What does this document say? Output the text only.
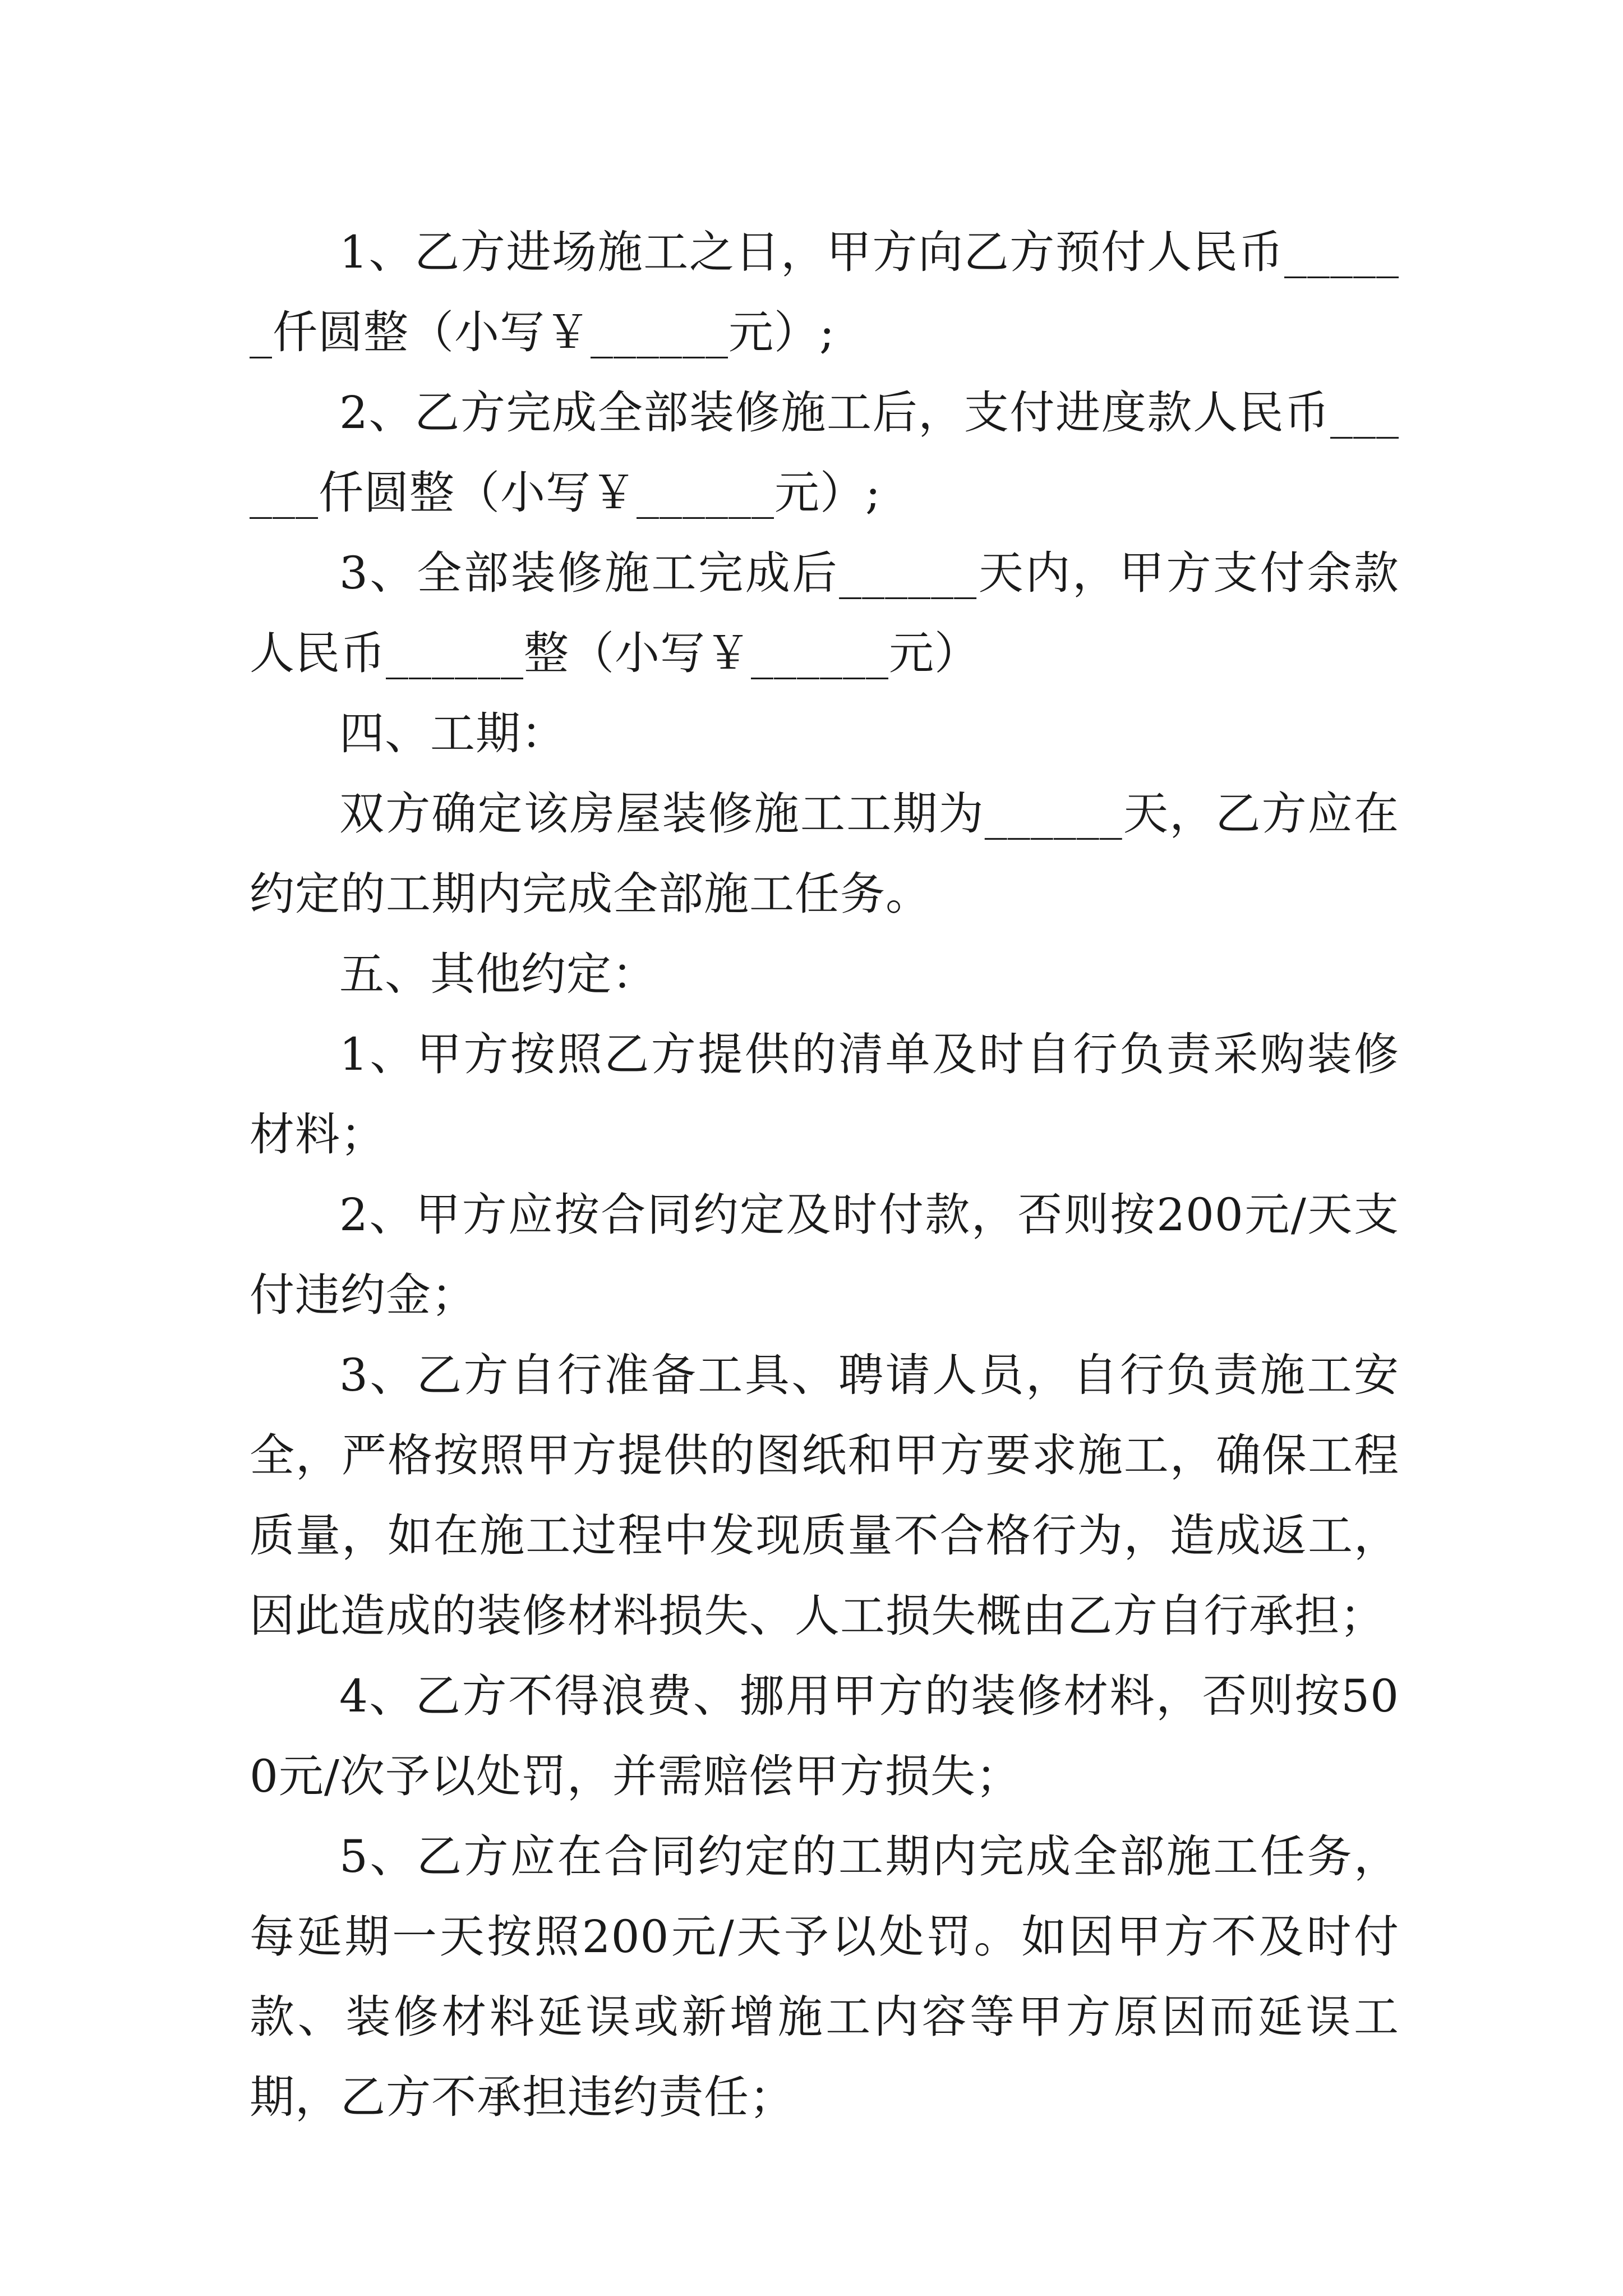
1、乙方进场施工之日，甲方向乙方预付人民币______仟圆整（小写￥______元）;

2、乙方完成全部装修施工后，支付进度款人民币______仟圆整（小写￥______元）;

3、全部装修施工完成后______天内，甲方支付余款人民币______整（小写￥______元）

四、工期：

双方确定该房屋装修施工工期为______天，乙方应在约定的工期内完成全部施工任务。

五、其他约定：

1、甲方按照乙方提供的清单及时自行负责采购装修材料；

2、甲方应按合同约定及时付款，否则按200元/天支付违约金；

3、乙方自行准备工具、聘请人员，自行负责施工安全，严格按照甲方提供的图纸和甲方要求施工，确保工程质量，如在施工过程中发现质量不合格行为，造成返工，因此造成的装修材料损失、人工损失概由乙方自行承担；

4、乙方不得浪费、挪用甲方的装修材料，否则按500元/次予以处罚，并需赔偿甲方损失；

5、乙方应在合同约定的工期内完成全部施工任务，每延期一天按照200元/天予以处罚。如因甲方不及时付款、装修材料延误或新增施工内容等甲方原因而延误工期，乙方不承担违约责任；
